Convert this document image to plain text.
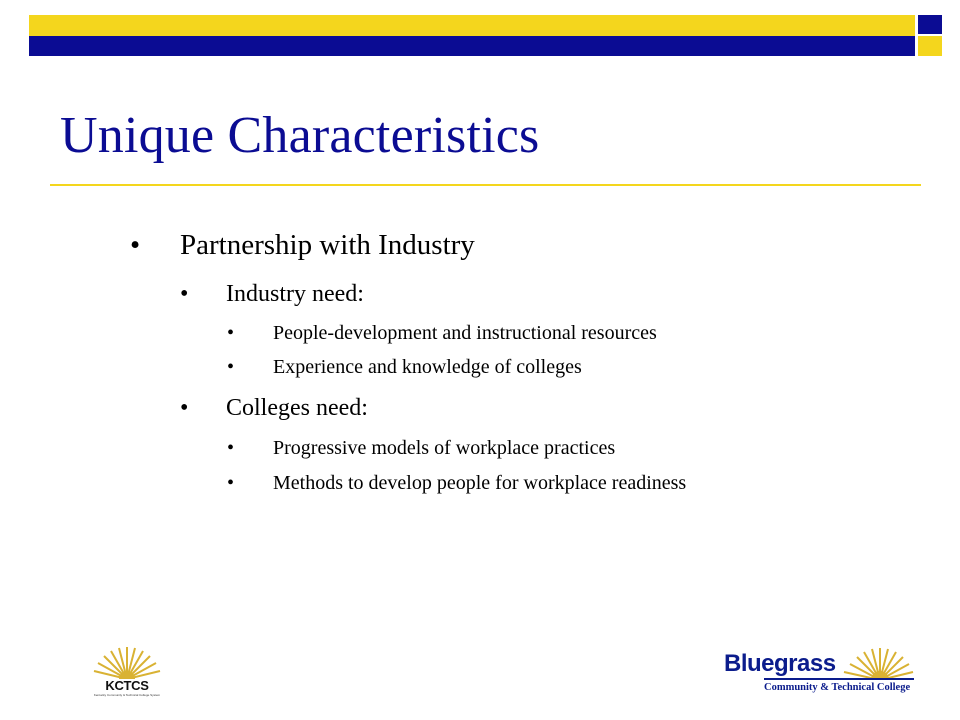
Unique Characteristics
• Partnership with Industry
• Industry need:
• People-development and instructional resources
• Experience and knowledge of colleges
• Colleges need:
• Progressive models of workplace practices
• Methods to develop people for workplace readiness
KCTCS
Kentucky Community & Technical College System
Bluegrass
Community & Technical College
